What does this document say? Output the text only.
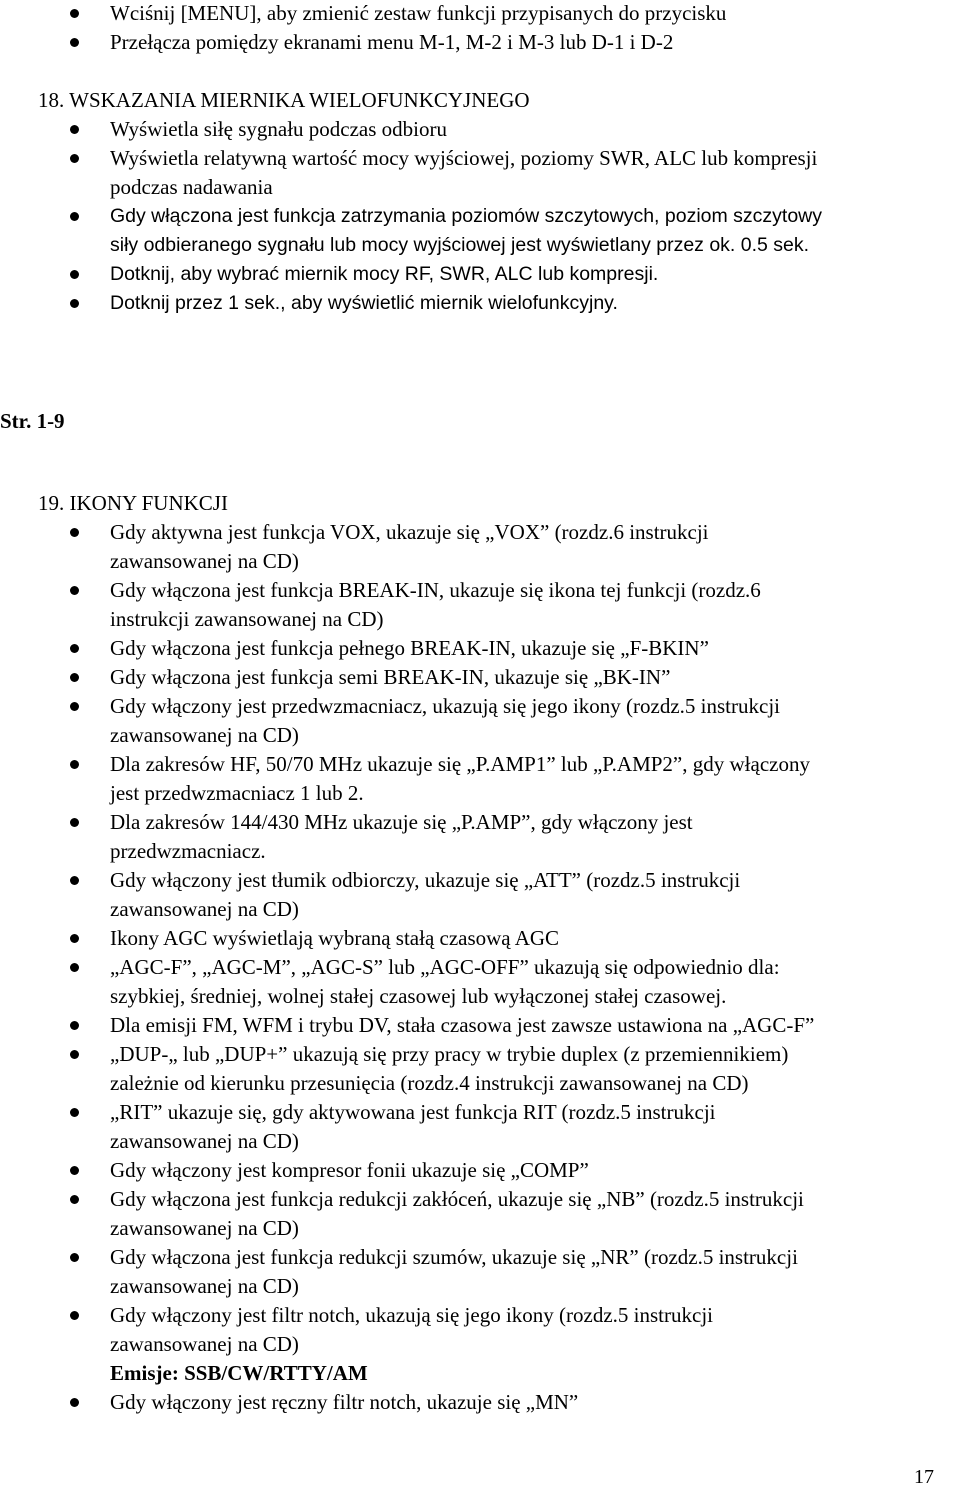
Wciśnij [MENU], aby zmienić zestaw funkcji przypisanych do przycisku
Przełącza pomiędzy ekranami menu M-1, M-2 i M-3 lub D-1 i D-2
18. WSKAZANIA MIERNIKA WIELOFUNKCYJNEGO
Wyświetla siłę sygnału podczas odbioru
Wyświetla relatywną wartość mocy wyjściowej, poziomy SWR, ALC lub kompresji
podczas nadawania
Gdy włączona jest funkcja zatrzymania poziomów szczytowych, poziom szczytowy
siły odbieranego sygnału lub mocy wyjściowej jest wyświetlany przez ok. 0.5 sek.
Dotknij, aby wybrać miernik mocy RF, SWR, ALC lub kompresji.
Dotknij przez 1 sek., aby wyświetlić miernik wielofunkcyjny.
Str. 1-9
19. IKONY FUNKCJI
Gdy aktywna jest funkcja VOX, ukazuje się „VOX” (rozdz.6 instrukcji
zawansowanej na CD)
Gdy włączona jest funkcja BREAK-IN, ukazuje się ikona tej funkcji (rozdz.6
instrukcji zawansowanej na CD)
Gdy włączona jest funkcja pełnego BREAK-IN, ukazuje się „F-BKIN”
Gdy włączona jest funkcja semi BREAK-IN, ukazuje się „BK-IN”
Gdy włączony jest przedwzmacniacz, ukazują się jego ikony (rozdz.5 instrukcji
zawansowanej na CD)
Dla zakresów HF, 50/70 MHz ukazuje się „P.AMP1” lub „P.AMP2”, gdy włączony
jest przedwzmacniacz 1 lub 2.
Dla zakresów 144/430 MHz ukazuje się „P.AMP”, gdy włączony jest
przedwzmacniacz.
Gdy włączony jest tłumik odbiorczy, ukazuje się „ATT” (rozdz.5 instrukcji
zawansowanej na CD)
Ikony AGC wyświetlają wybraną stałą czasową AGC
„AGC-F”, „AGC-M”, „AGC-S” lub „AGC-OFF” ukazują się odpowiednio dla:
szybkiej, średniej, wolnej stałej czasowej lub wyłączonej stałej czasowej.
Dla emisji FM, WFM i trybu DV, stała czasowa jest zawsze ustawiona na „AGC-F”
„DUP-„ lub „DUP+” ukazują się przy pracy w trybie duplex (z przemiennikiem)
zależnie od kierunku przesunięcia (rozdz.4 instrukcji zawansowanej na CD)
„RIT” ukazuje się, gdy aktywowana jest funkcja RIT (rozdz.5 instrukcji
zawansowanej na CD)
Gdy włączony jest kompresor fonii ukazuje się „COMP”
Gdy włączona jest funkcja redukcji zakłóceń, ukazuje się „NB” (rozdz.5 instrukcji
zawansowanej na CD)
Gdy włączona jest funkcja redukcji szumów, ukazuje się „NR” (rozdz.5 instrukcji
zawansowanej na CD)
Gdy włączony jest filtr notch, ukazują się jego ikony (rozdz.5 instrukcji
zawansowanej na CD)
Emisje: SSB/CW/RTTY/AM
Gdy włączony jest ręczny filtr notch, ukazuje się „MN”
17
